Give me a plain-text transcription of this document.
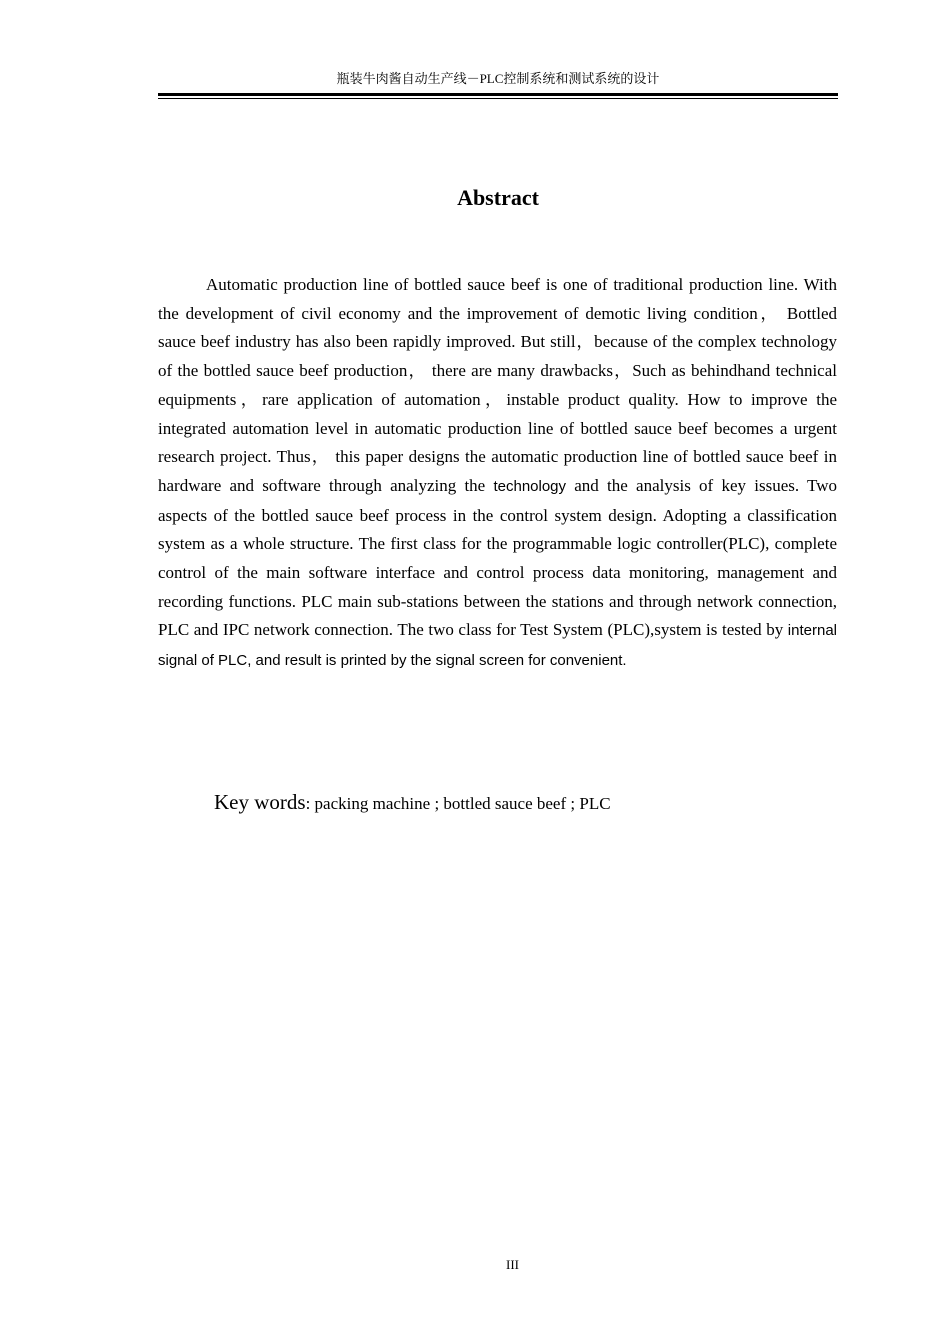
瓶装牛肉酱自动生产线－PLC控制系统和测试系统的设计
Abstract

Automatic production line of bottled sauce beef is one of traditional production line. With the development of civil economy and the improvement of demotic living condition， Bottled sauce beef industry has also been rapidly improved. But still，because of the complex technology of the bottled sauce beef production， there are many drawbacks，Such as behindhand technical equipments，rare application of automation，instable product quality. How to improve the integrated automation level in automatic production line of bottled sauce beef becomes a urgent research project. Thus， this paper designs the automatic production line of bottled sauce beef in hardware and software through analyzing the technology and the analysis of key issues. Two aspects of the bottled sauce beef process in the control system design. Adopting a classification system as a whole structure. The first class for the programmable logic controller(PLC), complete control of the main software interface and control process data monitoring, management and recording functions. PLC main sub-stations between the stations and through network connection, PLC and IPC network connection. The two class for Test System (PLC),system is tested by internal signal of PLC, and result is printed by the signal screen for convenient.

Key words: packing machine ; bottled sauce beef ; PLC

III
